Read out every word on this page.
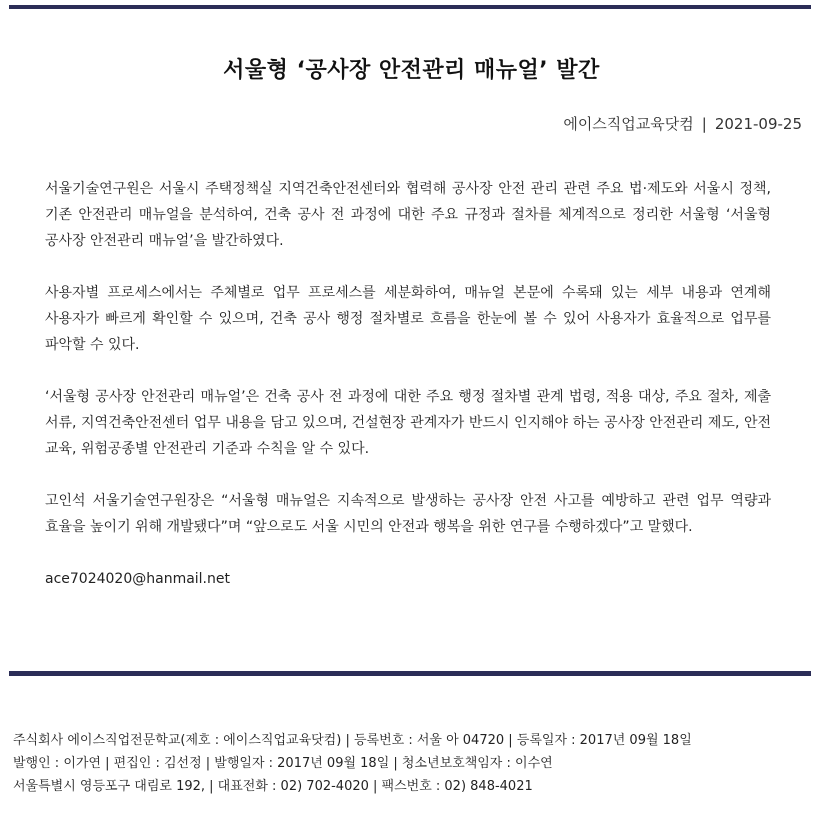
서울형 ‘공사장 안전관리 매뉴얼’ 발간
에이스직업교육닷컴 | 2021-09-25

서울기술연구원은 서울시 주택정책실 지역건축안전센터와 협력해 공사장 안전 관리 관련 주요 법·제도와 서울시 정책, 기존 안전관리 매뉴얼을 분석하여, 건축 공사 전 과정에 대한 주요 규정과 절차를 체계적으로 정리한 서울형 ‘서울형 공사장 안전관리 매뉴얼’을 발간하였다.

사용자별 프로세스에서는 주체별로 업무 프로세스를 세분화하여, 매뉴얼 본문에 수록돼 있는 세부 내용과 연계해 사용자가 빠르게 확인할 수 있으며, 건축 공사 행정 절차별로 흐름을 한눈에 볼 수 있어 사용자가 효율적으로 업무를 파악할 수 있다.

‘서울형 공사장 안전관리 매뉴얼’은 건축 공사 전 과정에 대한 주요 행정 절차별 관계 법령, 적용 대상, 주요 절차, 제출 서류, 지역건축안전센터 업무 내용을 담고 있으며, 건설현장 관계자가 반드시 인지해야 하는 공사장 안전관리 제도, 안전 교육, 위험공종별 안전관리 기준과 수칙을 알 수 있다.

고인석 서울기술연구원장은 “서울형 매뉴얼은 지속적으로 발생하는 공사장 안전 사고를 예방하고 관련 업무 역량과 효율을 높이기 위해 개발됐다”며 “앞으로도 서울 시민의 안전과 행복을 위한 연구를 수행하겠다”고 말했다.

ace7024020@hanmail.net
주식회사 에이스직업전문학교(제호 : 에이스직업교육닷컴) | 등록번호 : 서울 아 04720 | 등록일자 : 2017년 09월 18일
발행인 : 이가연 | 편집인 : 김선정 | 발행일자 : 2017년 09월 18일 | 청소년보호책임자 : 이수연
서울특별시 영등포구 대림로 192, | 대표전화 : 02) 702-4020 | 팩스번호 : 02) 848-4021
